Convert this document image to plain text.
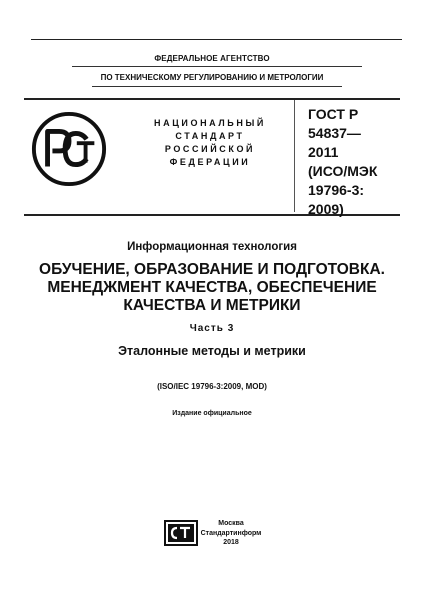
ФЕДЕРАЛЬНОЕ АГЕНТСТВО
ПО ТЕХНИЧЕСКОМУ РЕГУЛИРОВАНИЮ И МЕТРОЛОГИИ
НАЦИОНАЛЬНЫЙ
СТАНДАРТ
РОССИЙСКОЙ
ФЕДЕРАЦИИ
ГОСТ Р
54837—
2011
(ИСО/МЭК
19796-3:
2009)
Информационная технология
ОБУЧЕНИЕ, ОБРАЗОВАНИЕ И ПОДГОТОВКА.
МЕНЕДЖМЕНТ КАЧЕСТВА, ОБЕСПЕЧЕНИЕ
КАЧЕСТВА И МЕТРИКИ
Часть 3
Эталонные методы и метрики
(ISO/IEC 19796-3:2009, MOD)
Издание официальное
Москва
Стандартинформ
2018
